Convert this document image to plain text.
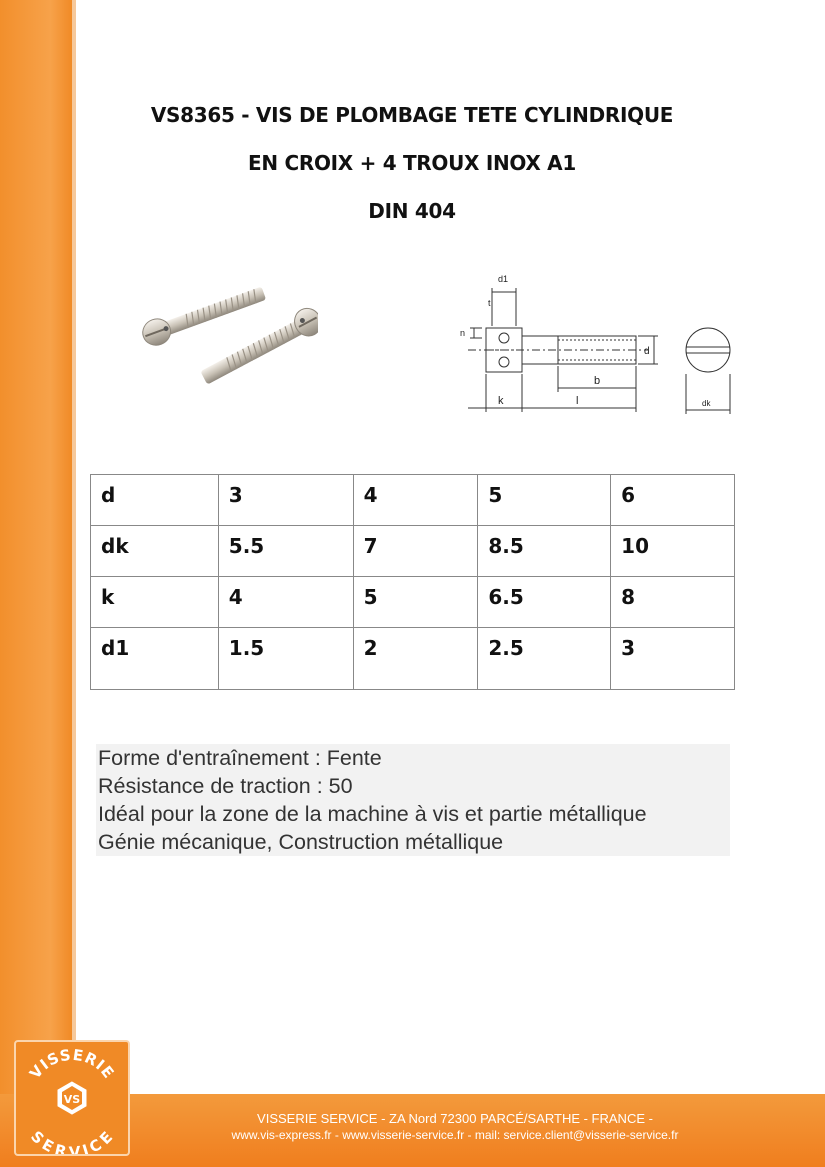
VS8365 - VIS DE PLOMBAGE TETE CYLINDRIQUE
EN CROIX + 4 TROUX INOX A1
DIN 404
d1
n
t
d
b
k	l	dk
d	3	4	5	6
dk	5.5	7	8.5	10
k	4	5	6.5	8
d1	1.5	2	2.5	3
Forme d'entraînement : Fente
Résistance de traction : 50
Idéal pour la zone de la machine à vis et partie métallique
Génie mécanique, Construction métallique
VISSERIE SERVICE - ZA Nord 72300 PARCÉ/SARTHE - FRANCE -
www.vis-express.fr - www.visserie-service.fr - mail: service.client@visserie-service.fr
VISSERIE
SERVICE
VS
